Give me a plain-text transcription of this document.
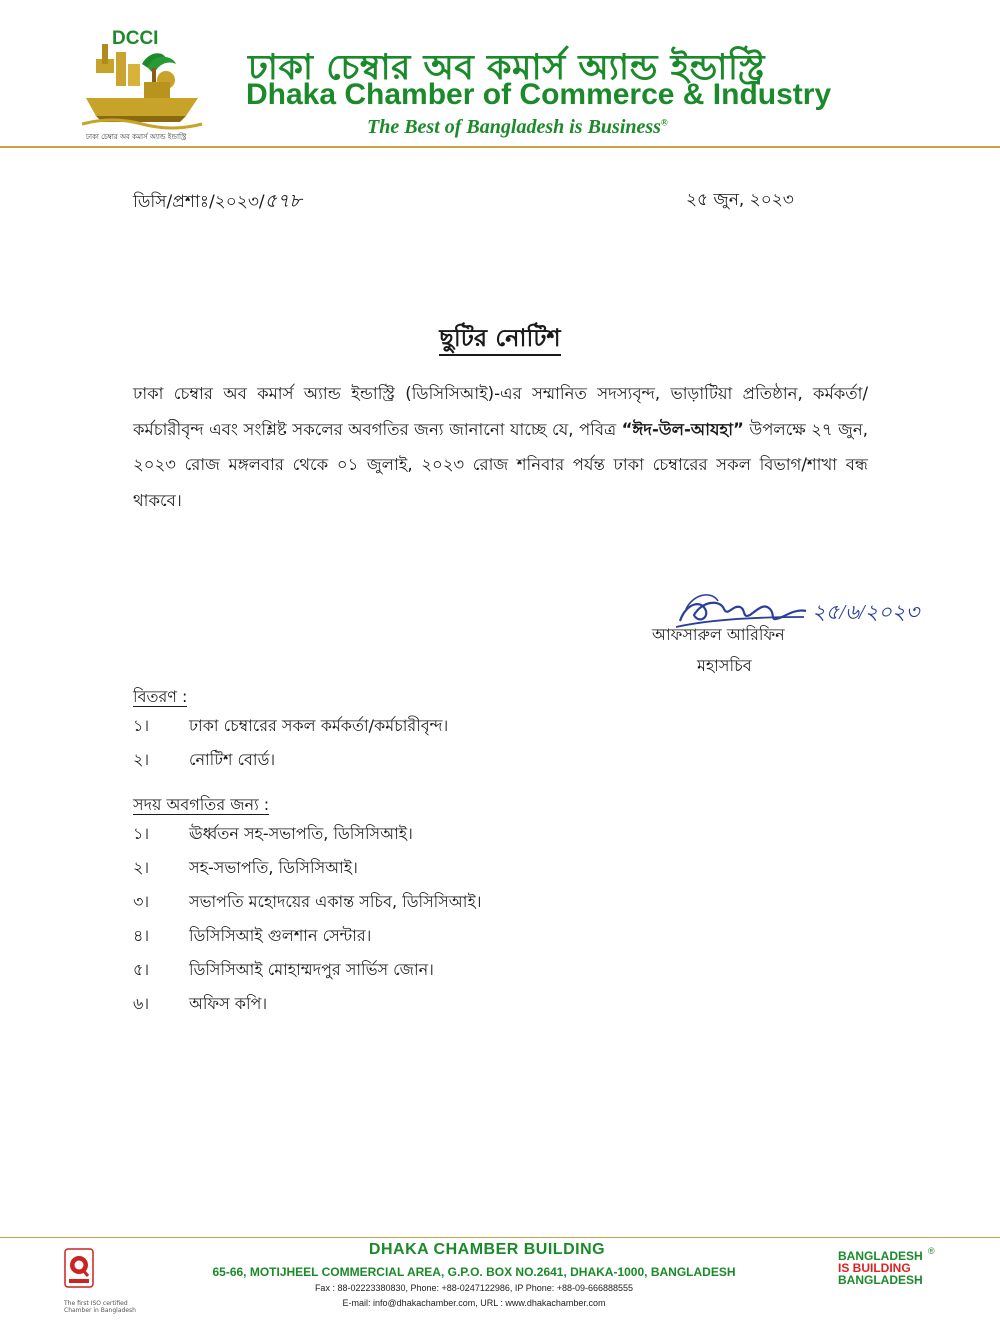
DCCI
ঢাকা চেম্বার অব কমার্স অ্যান্ড ইন্ডাস্ট্রি
ঢাকা চেম্বার অব কমার্স অ্যান্ড ইন্ডাস্ট্রি
Dhaka Chamber of Commerce & Industry
The Best of Bangladesh is Business®
ডিসি/প্রশাঃ/২০২৩/৫৭৮	২৫ জুন, ২০২৩
ছুটির নোটিশ
ঢাকা চেম্বার অব কমার্স অ্যান্ড ইন্ডাস্ট্রি (ডিসিসিআই)-এর সম্মানিত সদস্যবৃন্দ, ভাড়াটিয়া প্রতিষ্ঠান, কর্মকর্তা/কর্মচারীবৃন্দ এবং সংশ্লিষ্ট সকলের অবগতির জন্য জানানো যাচ্ছে যে, পবিত্র “ঈদ-উল-আযহা” উপলক্ষে ২৭ জুন, ২০২৩ রোজ মঙ্গলবার থেকে ০১ জুলাই, ২০২৩ রোজ শনিবার পর্যন্ত ঢাকা চেম্বারের সকল বিভাগ/শাখা বন্ধ থাকবে।
২৫/৬/২০২৩
আফসারুল আরিফিন
মহাসচিব
বিতরণ :
১। ঢাকা চেম্বারের সকল কর্মকর্তা/কর্মচারীবৃন্দ।
২। নোটিশ বোর্ড।
সদয় অবগতির জন্য :
১। ঊর্ধ্বতন সহ-সভাপতি, ডিসিসিআই।
২। সহ-সভাপতি, ডিসিসিআই।
৩। সভাপতি মহোদয়ের একান্ত সচিব, ডিসিসিআই।
৪। ডিসিসিআই গুলশান সেন্টার।
৫। ডিসিসিআই মোহাম্মদপুর সার্ভিস জোন।
৬। অফিস কপি।
The first ISO certified Chamber in Bangladesh
DHAKA CHAMBER BUILDING
65-66, MOTIJHEEL COMMERCIAL AREA, G.P.O. BOX NO.2641, DHAKA-1000, BANGLADESH
Fax : 88-02223380830, Phone: +88-0247122986, IP Phone: +88-09-666888555
E-mail: info@dhakachamber.com, URL : www.dhakachamber.com
BANGLADESH
IS BUILDING
BANGLADESH
®
